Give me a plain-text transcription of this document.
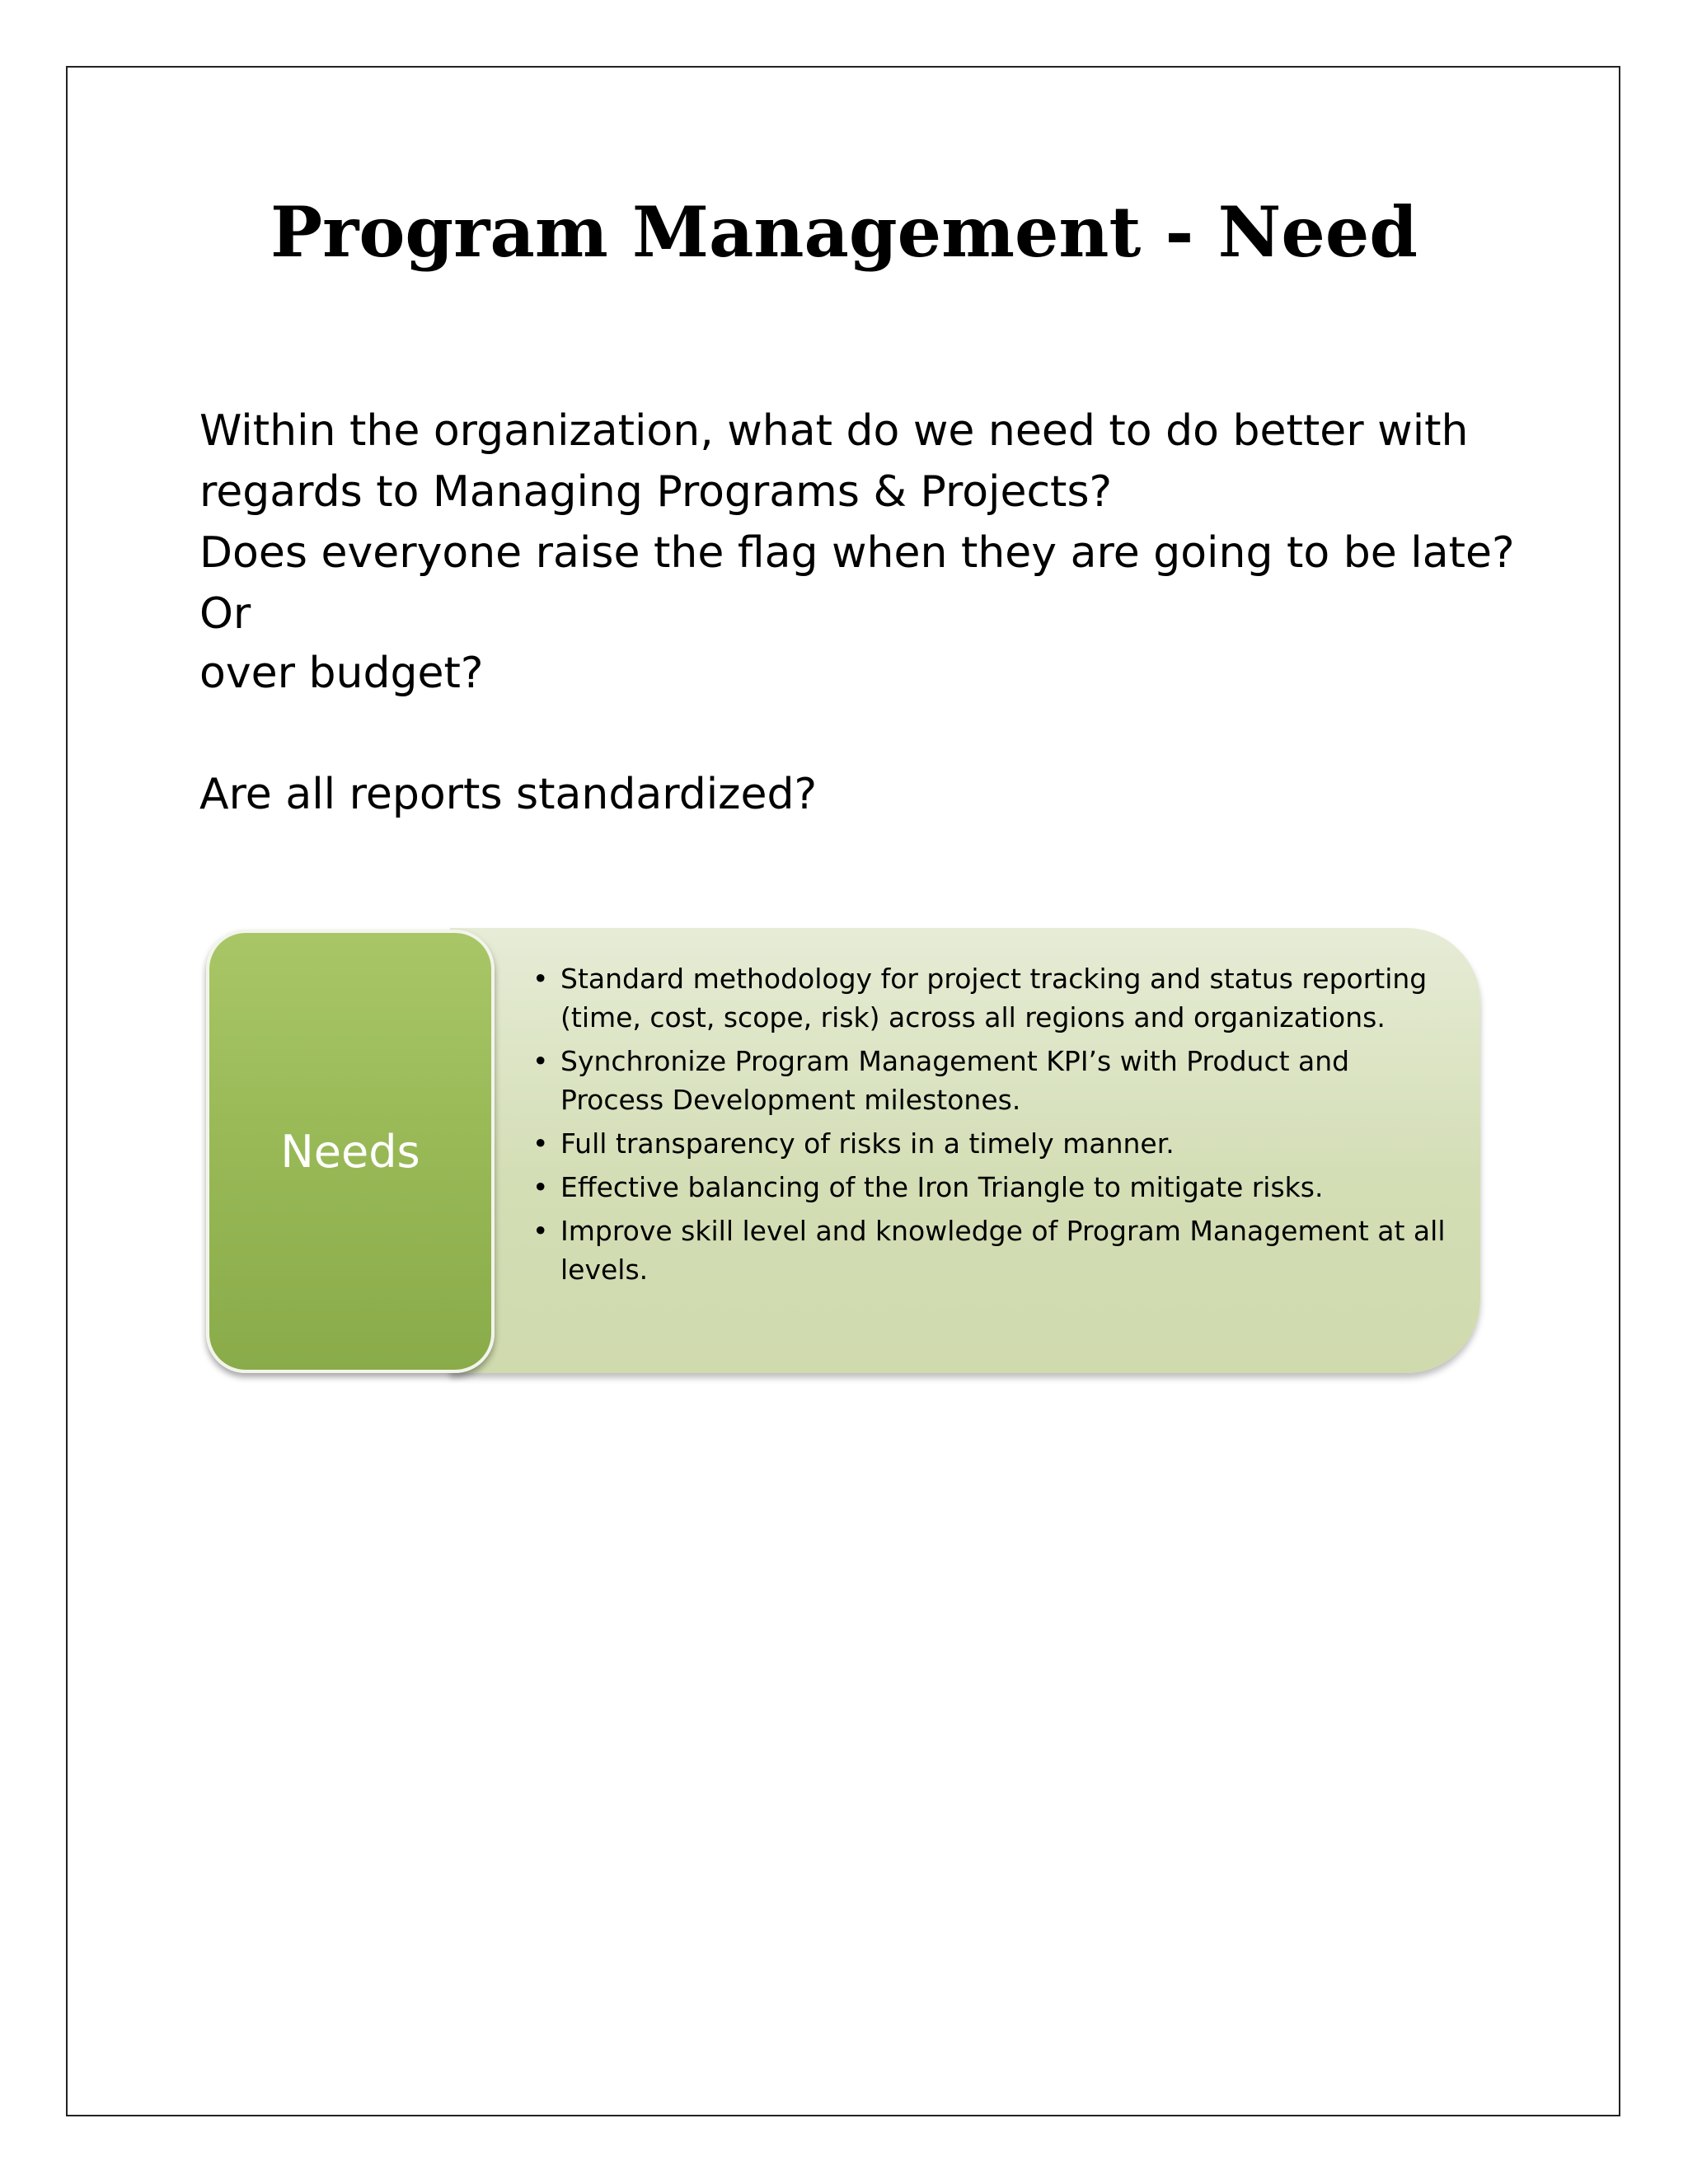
Program Management - Need

Within the organization, what do we need to do better with
regards to Managing Programs & Projects?
Does everyone raise the flag when they are going to be late? Or

over budget?

Are all reports standardized?

Needs
• Standard methodology for project tracking and status reporting (time, cost, scope, risk) across all regions and organizations.
• Synchronize Program Management KPI’s with Product and Process Development milestones.
• Full transparency of risks in a timely manner.
• Effective balancing of the Iron Triangle to mitigate risks.
• Improve skill level and knowledge of Program Management at all levels.
